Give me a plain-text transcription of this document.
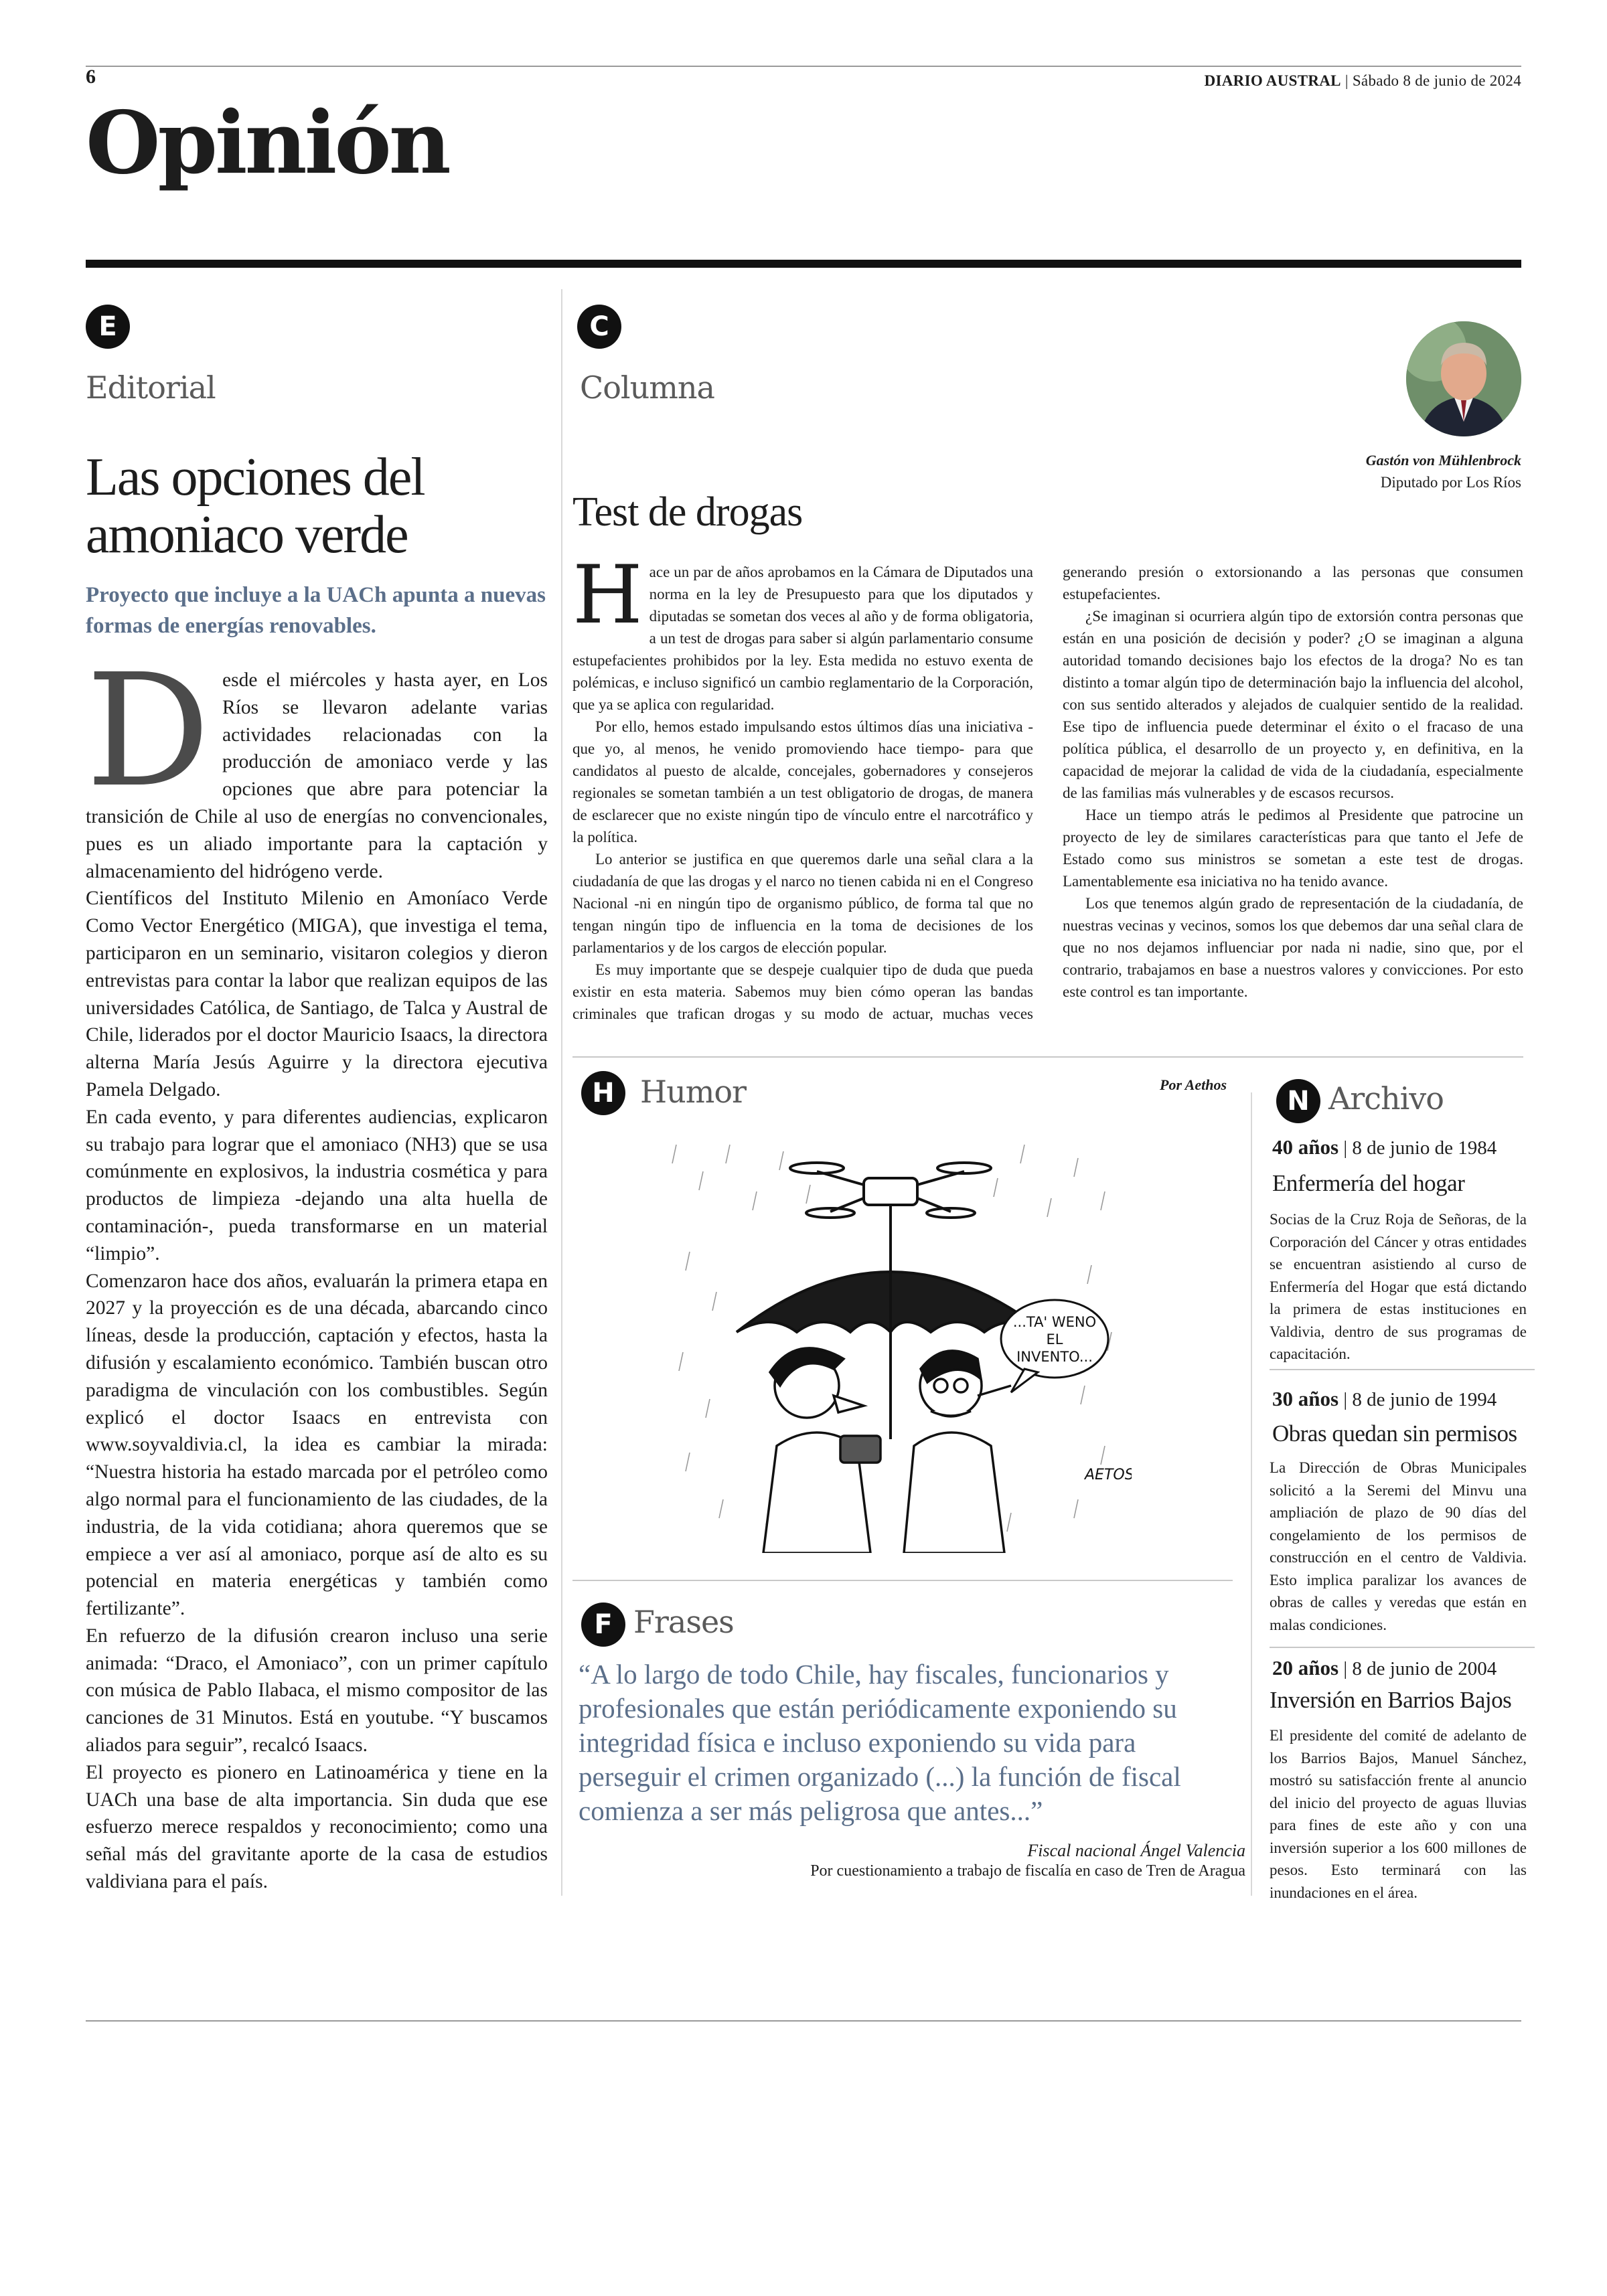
6	DIARIO AUSTRAL | Sábado 8 de junio de 2024
Opinión
E
Editorial
Las opciones del amoniaco verde
Proyecto que incluye a la UACh apunta a nuevas formas de energías renovables.

Desde el miércoles y hasta ayer, en Los Ríos se llevaron adelante varias actividades relacionadas con la producción de amoniaco verde y las opciones que abre para potenciar la transición de Chile al uso de energías no convencionales, pues es un aliado importante para la captación y almacenamiento del hidrógeno verde.

Científicos del Instituto Milenio en Amoníaco Verde Como Vector Energético (MIGA), que investiga el tema, participaron en un seminario, visitaron colegios y dieron entrevistas para contar la labor que realizan equipos de las universidades Católica, de Santiago, de Talca y Austral de Chile, liderados por el doctor Mauricio Isaacs, la directora alterna María Jesús Aguirre y la directora ejecutiva Pamela Delgado.

En cada evento, y para diferentes audiencias, explicaron su trabajo para lograr que el amoniaco (NH3) que se usa comúnmente en explosivos, la industria cosmética y para productos de limpieza -dejando una alta huella de contaminación-, pueda transformarse en un material “limpio”.

Comenzaron hace dos años, evaluarán la primera etapa en 2027 y la proyección es de una década, abarcando cinco líneas, desde la producción, captación y efectos, hasta la difusión y escalamiento económico. También buscan otro paradigma de vinculación con los combustibles. Según explicó el doctor Isaacs en entrevista con www.soyvaldivia.cl, la idea es cambiar la mirada: “Nuestra historia ha estado marcada por el petróleo como algo normal para el funcionamiento de las ciudades, de la industria, de la vida cotidiana; ahora queremos que se empiece a ver así al amoniaco, porque así de alto es su potencial en materia energéticas y también como fertilizante”.

En refuerzo de la difusión crearon incluso una serie animada: “Draco, el Amoniaco”, con un primer capítulo con música de Pablo Ilabaca, el mismo compositor de las canciones de 31 Minutos. Está en youtube. “Y buscamos aliados para seguir”, recalcó Isaacs.

El proyecto es pionero en Latinoamérica y tiene en la UACh una base de alta importancia. Sin duda que ese esfuerzo merece respaldos y reconocimiento; como una señal más del gravitante aporte de la casa de estudios valdiviana para el país.

C
Columna
Gastón von Mühlenbrock
Diputado por Los Ríos
Test de drogas

Hace un par de años aprobamos en la Cámara de Diputados una norma en la ley de Presupuesto para que los diputados y diputadas se sometan dos veces al año y de forma obligatoria, a un test de drogas para saber si algún parlamentario consume estupefacientes prohibidos por la ley. Esta medida no estuvo exenta de polémicas, e incluso significó un cambio reglamentario de la Corporación, que ya se aplica con regularidad.

Por ello, hemos estado impulsando estos últimos días una iniciativa -que yo, al menos, he venido promoviendo hace tiempo- para que candidatos al puesto de alcalde, concejales, gobernadores y consejeros regionales se sometan también a un test obligatorio de drogas, de manera de esclarecer que no existe ningún tipo de vínculo entre el narcotráfico y la política.

Lo anterior se justifica en que queremos darle una señal clara a la ciudadanía de que las drogas y el narco no tienen cabida ni en el Congreso Nacional -ni en ningún tipo de organismo público, de forma tal que no tengan ningún tipo de influencia en la toma de decisiones de los parlamentarios y de los cargos de elección popular.

Es muy importante que se despeje cualquier tipo de duda que pueda existir en esta materia. Sabemos muy bien cómo operan las bandas criminales que trafican drogas y su modo de actuar, muchas veces generando presión o extorsionando a las personas que consumen estupefacientes.

¿Se imaginan si ocurriera algún tipo de extorsión contra personas que están en una posición de decisión y poder? ¿O se imaginan a alguna autoridad tomando decisiones bajo los efectos de la droga? No es tan distinto a tomar algún tipo de determinación bajo la influencia del alcohol, con sus sentido alterados y alejados de cualquier sentido de la realidad. Ese tipo de influencia puede determinar el éxito o el fracaso de una política pública, el desarrollo de un proyecto y, en definitiva, en la capacidad de mejorar la calidad de vida de la ciudadanía, especialmente de las familias más vulnerables y de escasos recursos.

Hace un tiempo atrás le pedimos al Presidente que patrocine un proyecto de ley de similares características para que tanto el Jefe de Estado como sus ministros se sometan a este test de drogas. Lamentablemente esa iniciativa no ha tenido avance.

Los que tenemos algún grado de representación de la ciudadanía, de nuestras vecinas y vecinos, somos los que debemos dar una señal clara de que no nos dejamos influenciar por nada ni nadie, sino que, por el contrario, trabajamos en base a nuestros valores y convicciones. Por esto este control es tan importante.

H Humor	Por Aethos
...TA' WENO
EL
INVENTO...
AETOS
F Frases
“A lo largo de todo Chile, hay fiscales, funcionarios y profesionales que están periódicamente exponiendo su integridad física e incluso exponiendo su vida para perseguir el crimen organizado (...) la función de fiscal comienza a ser más peligrosa que antes...”
Fiscal nacional Ángel Valencia
Por cuestionamiento a trabajo de fiscalía en caso de Tren de Aragua
N Archivo
40 años | 8 de junio de 1984
Enfermería del hogar
Socias de la Cruz Roja de Señoras, de la Corporación del Cáncer y otras entidades se encuentran asistiendo al curso de Enfermería del Hogar que está dictando la primera de estas instituciones en Valdivia, dentro de sus programas de capacitación.
30 años | 8 de junio de 1994
Obras quedan sin permisos
La Dirección de Obras Municipales solicitó a la Seremi del Minvu una ampliación de plazo de 90 días del congelamiento de los permisos de construcción en el centro de Valdivia. Esto implica paralizar los avances de obras de calles y veredas que están en malas condiciones.
20 años | 8 de junio de 2004
Inversión en Barrios Bajos
El presidente del comité de adelanto de los Barrios Bajos, Manuel Sánchez, mostró su satisfacción frente al anuncio del inicio del proyecto de aguas lluvias para fines de este año y con una inversión superior a los 600 millones de pesos. Esto terminará con las inundaciones en el área.
